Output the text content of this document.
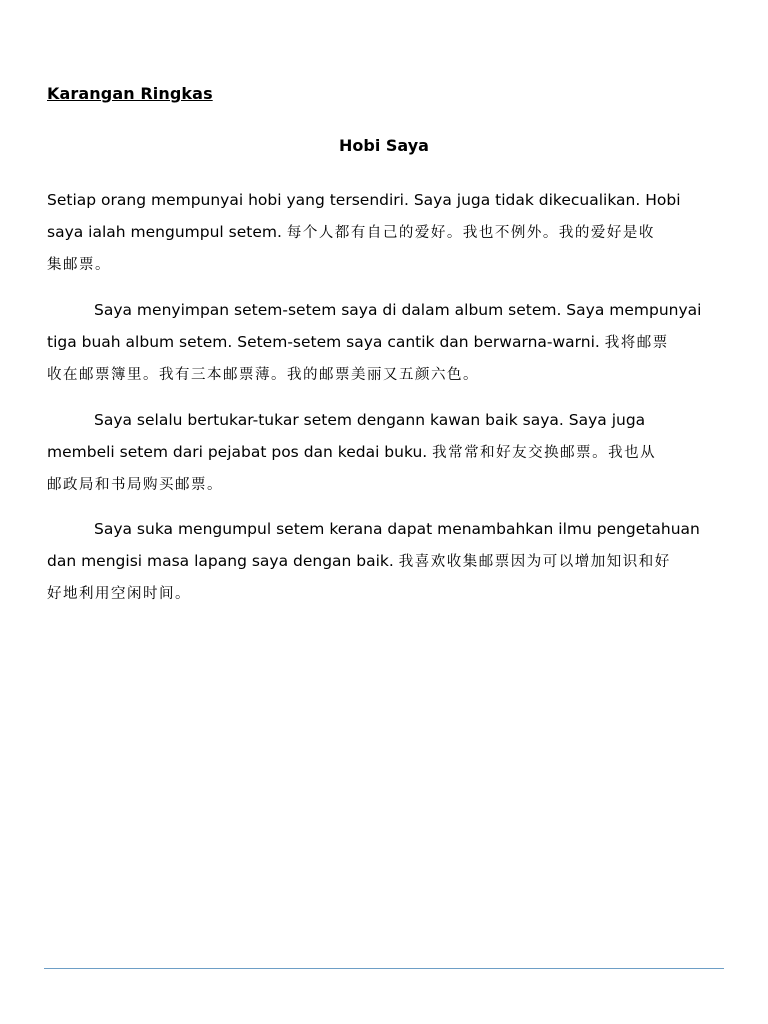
Karangan Ringkas
Hobi Saya
Setiap orang mempunyai hobi yang tersendiri. Saya juga tidak dikecualikan. Hobi
saya ialah mengumpul setem. 每个人都有自己的爱好。我也不例外。我的爱好是收
集邮票。
Saya menyimpan setem-setem saya di dalam album setem. Saya mempunyai
tiga buah album setem. Setem-setem saya cantik dan berwarna-warni. 我将邮票
收在邮票簿里。我有三本邮票薄。我的邮票美丽又五颜六色。
Saya selalu bertukar-tukar setem dengann kawan baik saya. Saya juga
membeli setem dari pejabat pos dan kedai buku. 我常常和好友交换邮票。我也从
邮政局和书局购买邮票。
Saya suka mengumpul setem kerana dapat menambahkan ilmu pengetahuan
dan mengisi masa lapang saya dengan baik. 我喜欢收集邮票因为可以增加知识和好
好地利用空闲时间。
